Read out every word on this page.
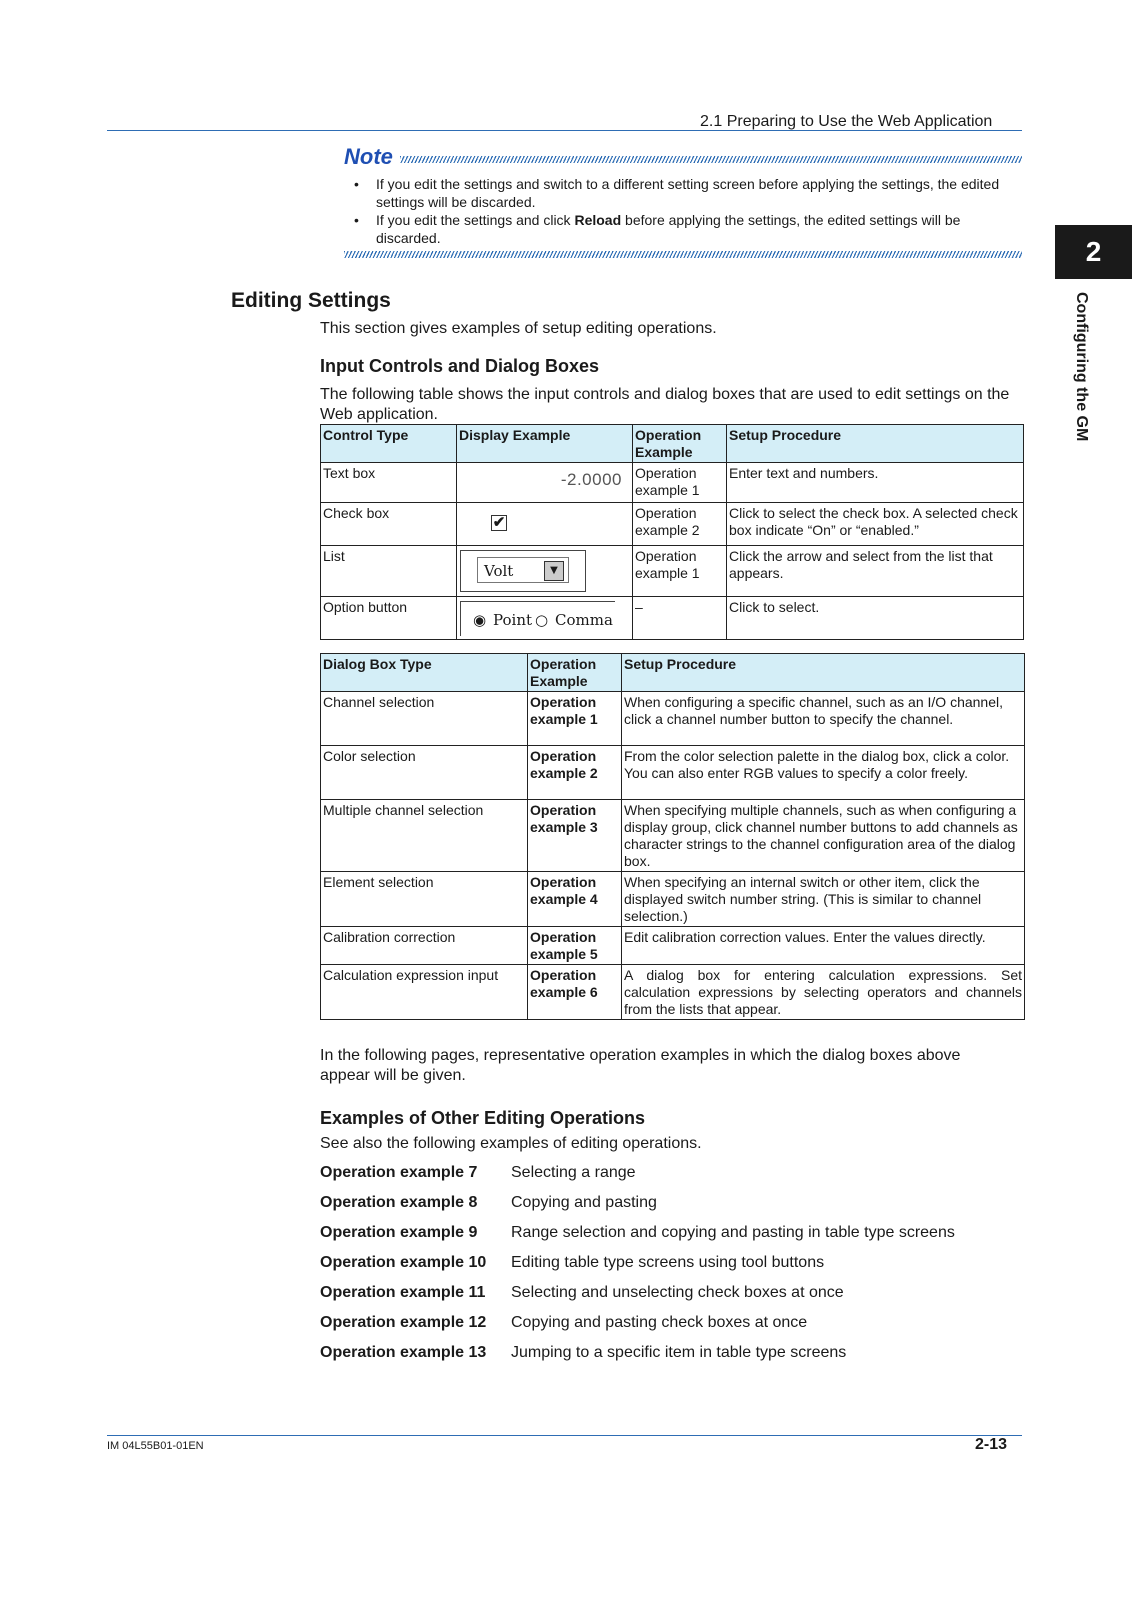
2.1 Preparing to Use the Web Application
2
Configuring the GM
Note
• If you edit the settings and switch to a different setting screen before applying the settings, the edited settings will be discarded.
• If you edit the settings and click Reload before applying the settings, the edited settings will be discarded.
Editing Settings
This section gives examples of setup editing operations.
Input Controls and Dialog Boxes
The following table shows the input controls and dialog boxes that are used to edit settings on the Web application.
Control Type	Display Example	Operation Example	Setup Procedure
Text box	-2.0000	Operation example 1	Enter text and numbers.
Check box	✔	Operation example 2	Click to select the check box. A selected check box indicate “On” or “enabled.”
List	Volt ▼	Operation example 1	Click the arrow and select from the list that appears.
Option button	◉ Point ○ Comma	–	Click to select.
Dialog Box Type	Operation Example	Setup Procedure
Channel selection	Operation example 1	When configuring a specific channel, such as an I/O channel, click a channel number button to specify the channel.
Color selection	Operation example 2	From the color selection palette in the dialog box, click a color. You can also enter RGB values to specify a color freely.
Multiple channel selection	Operation example 3	When specifying multiple channels, such as when configuring a display group, click channel number buttons to add channels as character strings to the channel configuration area of the dialog box.
Element selection	Operation example 4	When specifying an internal switch or other item, click the displayed switch number string. (This is similar to channel selection.)
Calibration correction	Operation example 5	Edit calibration correction values. Enter the values directly.
Calculation expression input	Operation example 6	A dialog box for entering calculation expressions. Set calculation expressions by selecting operators and channels from the lists that appear.
In the following pages, representative operation examples in which the dialog boxes above appear will be given.
Examples of Other Editing Operations
See also the following examples of editing operations.
Operation example 7 Selecting a range
Operation example 8 Copying and pasting
Operation example 9 Range selection and copying and pasting in table type screens
Operation example 10 Editing table type screens using tool buttons
Operation example 11 Selecting and unselecting check boxes at once
Operation example 12 Copying and pasting check boxes at once
Operation example 13 Jumping to a specific item in table type screens
IM 04L55B01-01EN	2-13
